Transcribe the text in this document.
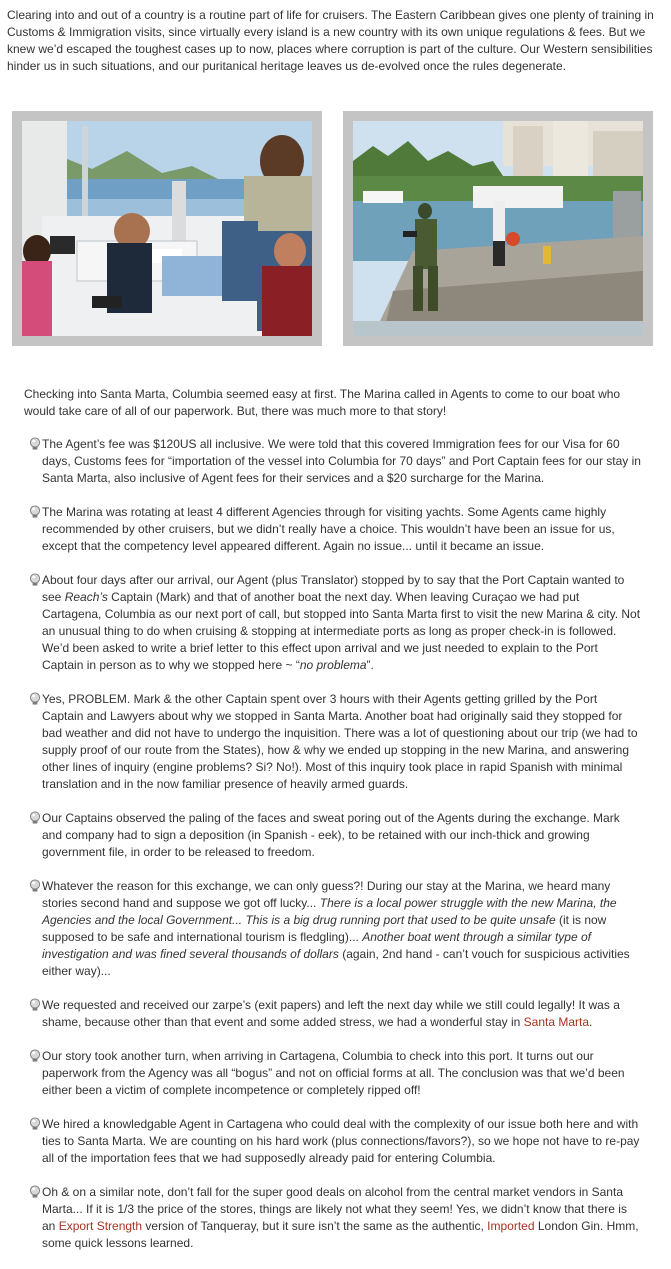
Clearing into and out of a country is a routine part of life for cruisers. The Eastern Caribbean gives one plenty of training in Customs & Immigration visits, since virtually every island is a new country with its own unique regulations & fees. But we knew we’d escaped the toughest cases up to now, places where corruption is part of the culture. Our Western sensibilities hinder us in such situations, and our puritanical heritage leaves us de-evolved once the rules degenerate.

Checking into Santa Marta, Columbia seemed easy at first. The Marina called in Agents to come to our boat who would take care of all of our paperwork. But, there was much more to that story!

The Agent’s fee was $120US all inclusive. We were told that this covered Immigration fees for our Visa for 60 days, Customs fees for “importation of the vessel into Columbia for 70 days” and Port Captain fees for our stay in Santa Marta, also inclusive of Agent fees for their services and a $20 surcharge for the Marina.
The Marina was rotating at least 4 different Agencies through for visiting yachts. Some Agents came highly recommended by other cruisers, but we didn’t really have a choice. This wouldn’t have been an issue for us, except that the competency level appeared different. Again no issue... until it became an issue.
About four days after our arrival, our Agent (plus Translator) stopped by to say that the Port Captain wanted to see Reach’s Captain (Mark) and that of another boat the next day. When leaving Curaçao we had put Cartagena, Columbia as our next port of call, but stopped into Santa Marta first to visit the new Marina & city. Not an unusual thing to do when cruising & stopping at intermediate ports as long as proper check-in is followed. We’d been asked to write a brief letter to this effect upon arrival and we just needed to explain to the Port Captain in person as to why we stopped here ~ “no problema”.
Yes, PROBLEM. Mark & the other Captain spent over 3 hours with their Agents getting grilled by the Port Captain and Lawyers about why we stopped in Santa Marta. Another boat had originally said they stopped for bad weather and did not have to undergo the inquisition. There was a lot of questioning about our trip (we had to supply proof of our route from the States), how & why we ended up stopping in the new Marina, and answering other lines of inquiry (engine problems? Si? No!). Most of this inquiry took place in rapid Spanish with minimal translation and in the now familiar presence of heavily armed guards.
Our Captains observed the paling of the faces and sweat poring out of the Agents during the exchange. Mark and company had to sign a deposition (in Spanish - eek), to be retained with our inch-thick and growing government file, in order to be released to freedom.
Whatever the reason for this exchange, we can only guess?! During our stay at the Marina, we heard many stories second hand and suppose we got off lucky... There is a local power struggle with the new Marina, the Agencies and the local Government... This is a big drug running port that used to be quite unsafe (it is now supposed to be safe and international tourism is fledgling)... Another boat went through a similar type of investigation and was fined several thousands of dollars (again, 2nd hand - can’t vouch for suspicious activities either way)...
We requested and received our zarpe’s (exit papers) and left the next day while we still could legally! It was a shame, because other than that event and some added stress, we had a wonderful stay in Santa Marta.
Our story took another turn, when arriving in Cartagena, Columbia to check into this port. It turns out our paperwork from the Agency was all “bogus” and not on official forms at all. The conclusion was that we’d been either been a victim of complete incompetence or completely ripped off!
We hired a knowledgable Agent in Cartagena who could deal with the complexity of our issue both here and with ties to Santa Marta. We are counting on his hard work (plus connections/favors?), so we hope not have to re-pay all of the importation fees that we had supposedly already paid for entering Columbia.
Oh & on a similar note, don’t fall for the super good deals on alcohol from the central market vendors in Santa Marta... If it is 1/3 the price of the stores, things are likely not what they seem! Yes, we didn’t know that there is an Export Strength version of Tanqueray, but it sure isn’t the same as the authentic, Imported London Gin. Hmm, some quick lessons learned.
